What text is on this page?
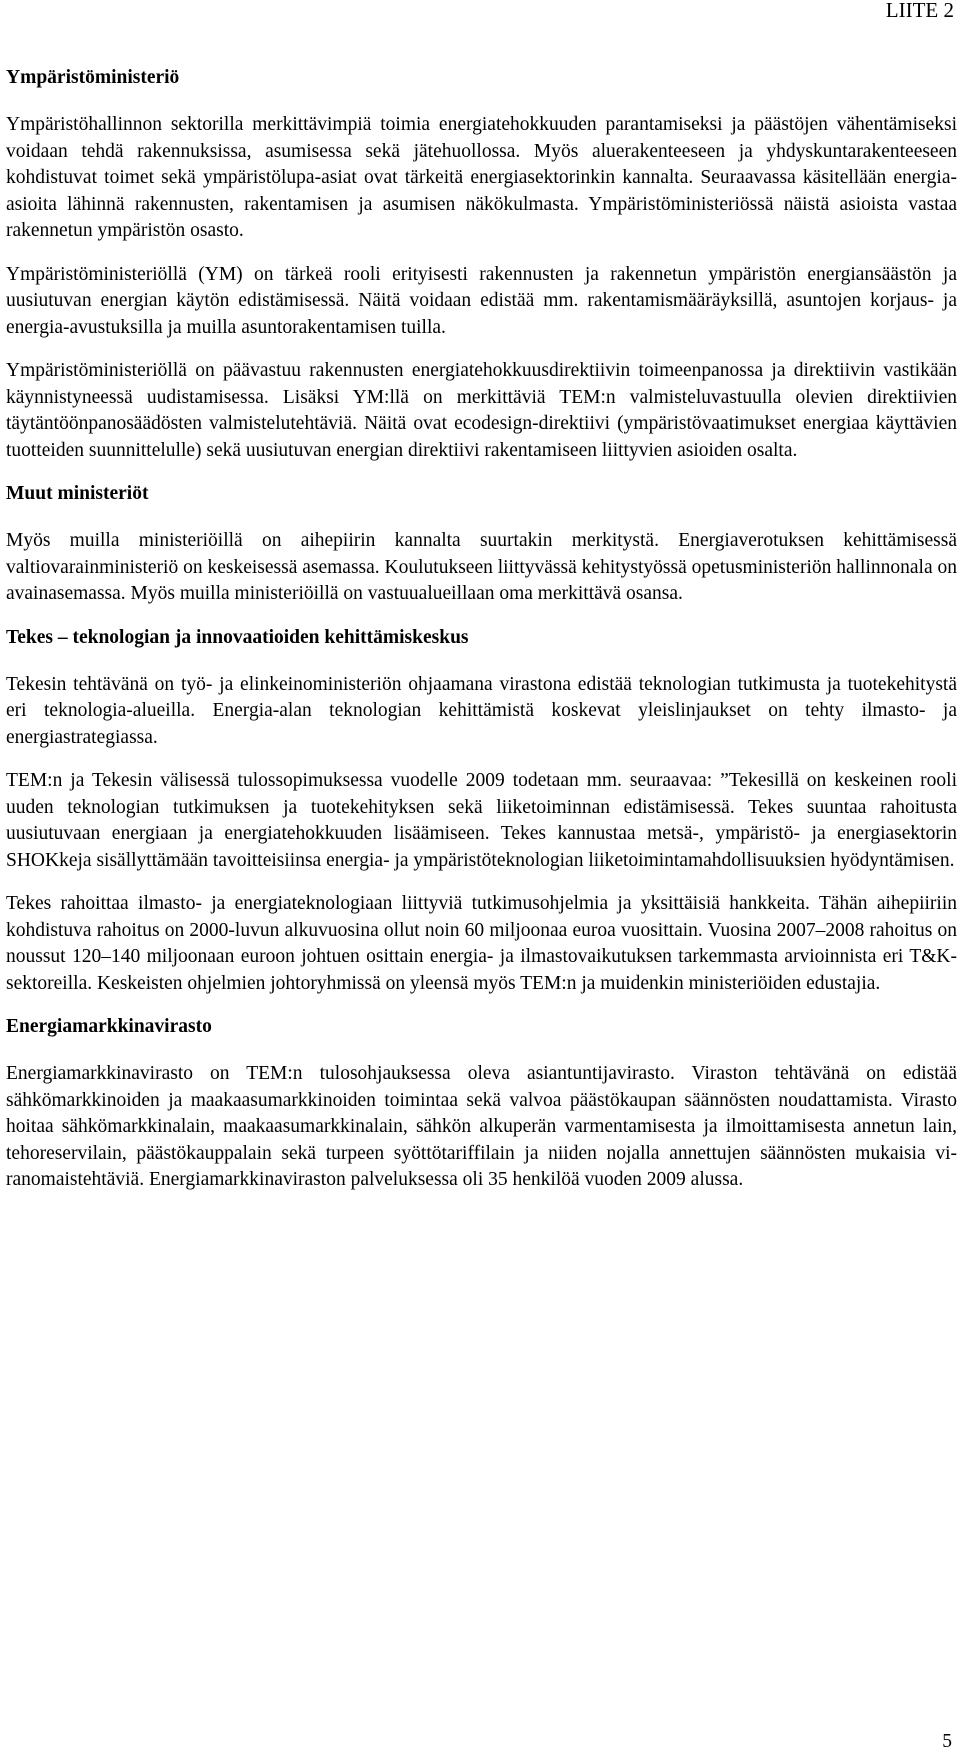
LIITE 2
Ympäristöministeriö

Ympäristöhallinnon sektorilla merkittävimpiä toimia energiatehokkuuden parantamiseksi ja päästöjen vähentämiseksi voidaan tehdä rakennuksissa, asumisessa sekä jätehuollossa. Myös aluerakenteeseen ja yhdyskuntarakenteeseen kohdistuvat toimet sekä ympäristölupa-asiat ovat tärkeitä energiasektorinkin kannalta. Seuraavassa käsitellään energia-asioita lähinnä rakennusten, rakentamisen ja asumisen näkökulmasta. Ympäristöministeriössä näistä asioista vastaa rakennetun ympäristön osasto.

Ympäristöministeriöllä (YM) on tärkeä rooli erityisesti rakennusten ja rakennetun ympäristön energiansäästön ja uusiutuvan energian käytön edistämisessä. Näitä voidaan edistää mm. rakentamismääräyksillä, asuntojen korjaus- ja energia-avustuksilla ja muilla asuntorakentamisen tuilla.

Ympäristöministeriöllä on päävastuu rakennusten energiatehokkuusdirektiivin toimeenpanossa ja direktiivin vastikään käynnistyneessä uudistamisessa. Lisäksi YM:llä on merkittäviä TEM:n valmisteluvastuulla olevien direktiivien täytäntöönpanosäädösten valmistelutehtäviä. Näitä ovat ecodesign-direktiivi (ympäristövaatimukset energiaa käyttävien tuotteiden suunnittelulle) sekä uusiutuvan energian direktiivi rakentamiseen liittyvien asioiden osalta.

Muut ministeriöt

Myös muilla ministeriöillä on aihepiirin kannalta suurtakin merkitystä. Energiaverotuksen kehittämisessä valtiovarainministeriö on keskeisessä asemassa. Koulutukseen liittyvässä kehitystyössä opetusministeriön hallinnonala on avainasemassa. Myös muilla ministeriöillä on vastuualueillaan oma merkittävä osansa.

Tekes – teknologian ja innovaatioiden kehittämiskeskus

Tekesin tehtävänä on työ- ja elinkeinoministeriön ohjaamana virastona edistää teknologian tutkimusta ja tuotekehitystä eri teknologia-alueilla. Energia-alan teknologian kehittämistä koskevat yleislinjaukset on tehty ilmasto- ja energiastrategiassa.

TEM:n ja Tekesin välisessä tulossopimuksessa vuodelle 2009 todetaan mm. seuraavaa: ”Tekesillä on keskeinen rooli uuden teknologian tutkimuksen ja tuotekehityksen sekä liiketoiminnan edistämisessä. Tekes suuntaa rahoitusta uusiutuvaan energiaan ja energiatehokkuuden lisäämiseen. Tekes kannustaa metsä-, ympäristö- ja energiasektorin SHOKkeja sisällyttämään tavoitteisiinsa energia- ja ympäristöteknologian liiketoimintamahdollisuuksien hyödyntämisen.

Tekes rahoittaa ilmasto- ja energiateknologiaan liittyviä tutkimusohjelmia ja yksittäisiä hankkeita. Tähän aihepiiriin kohdistuva rahoitus on 2000-luvun alkuvuosina ollut noin 60 miljoonaa euroa vuosittain. Vuosina 2007–2008 rahoitus on noussut 120–140 miljoonaan euroon johtuen osittain energia- ja ilmastovaikutuksen tarkemmasta arvioinnista eri T&K-sektoreilla. Keskeisten ohjelmien johtoryhmissä on yleensä myös TEM:n ja muidenkin ministeriöiden edustajia.

Energiamarkkinavirasto

Energiamarkkinavirasto on TEM:n tulosohjauksessa oleva asiantuntijavirasto. Viraston tehtävänä on edistää sähkömarkkinoiden ja maakaasumarkkinoiden toimintaa sekä valvoa päästökaupan säännösten noudattamista. Virasto hoitaa sähkömarkkinalain, maakaasumarkkinalain, sähkön alkuperän varmentamisesta ja ilmoittamisesta annetun lain, tehoreservilain, päästökauppalain sekä turpeen syöttötariffilain ja niiden nojalla annettujen säännösten mukaisia viranomaistehtäviä. Energiamarkkinaviraston palveluksessa oli 35 henkilöä vuoden 2009 alussa.

5
